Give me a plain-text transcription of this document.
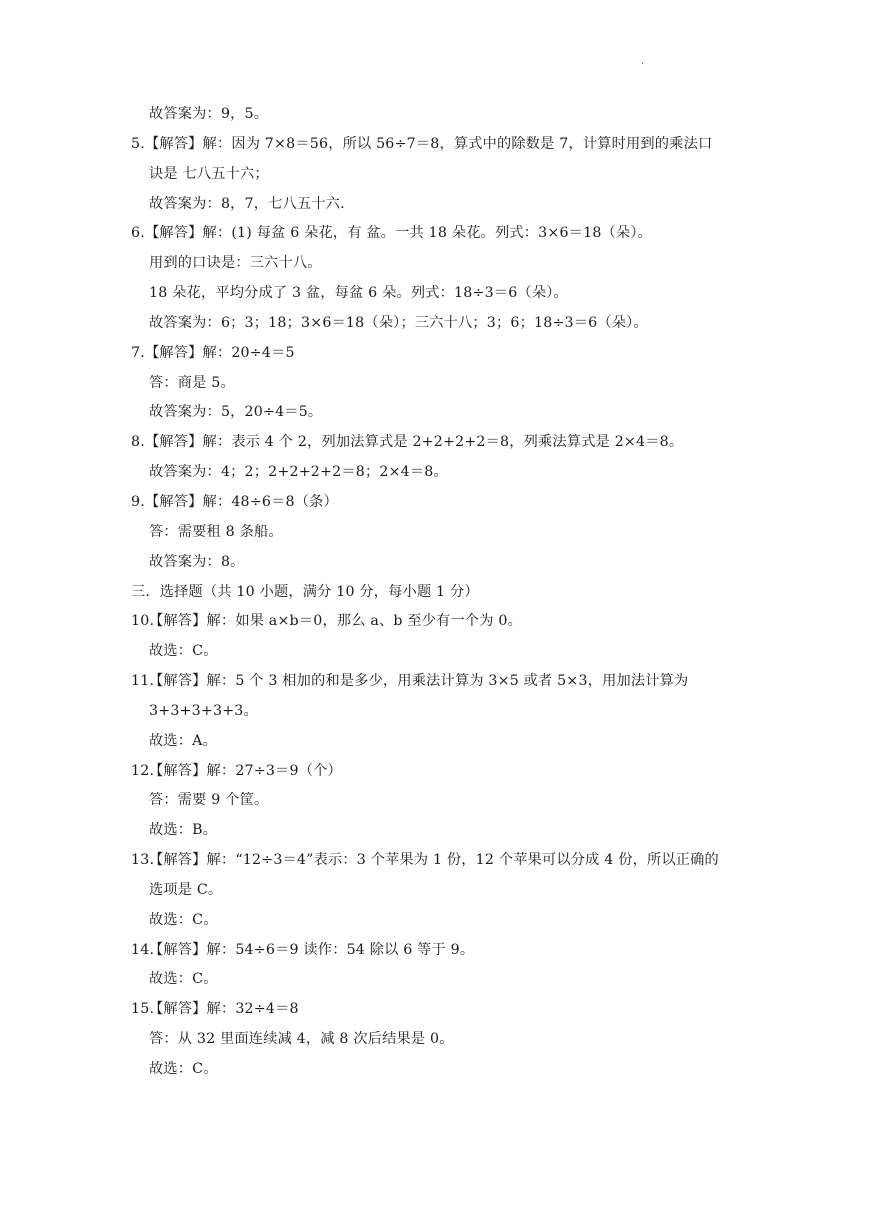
.
故答案为：9，5。
5. 【解答】解：因为 7×8＝56，所以 56÷7＝8，算式中的除数是 7，计算时用到的乘法口
诀是 七八五十六；
故答案为：8，7，七八五十六.
6. 【解答】解：(1) 每盆 6 朵花，有 盆。一共 18 朵花。列式：3×6＝18（朵）。
用到的口诀是：三六十八。
18 朵花，平均分成了 3 盆，每盆 6 朵。列式：18÷3＝6（朵）。
故答案为：6；3；18；3×6＝18（朵）；三六十八；3；6；18÷3＝6（朵）。
7. 【解答】解：20÷4＝5
答：商是 5。
故答案为：5，20÷4＝5。
8. 【解答】解：表示 4 个 2，列加法算式是 2+2+2+2＝8，列乘法算式是 2×4＝8。
故答案为：4；2；2+2+2+2＝8；2×4＝8。
9. 【解答】解：48÷6＝8（条）
答：需要租 8 条船。
故答案为：8。
三．选择题（共 10 小题，满分 10 分，每小题 1 分）
10.
【解答】解：如果 a×b＝0，那么 a、b 至少有一个为 0。
故选：C。
11.
【解答】解：5 个 3 相加的和是多少，用乘法计算为 3×5 或者 5×3，用加法计算为
3+3+3+3+3。
故选：A。
12.
【解答】解：27÷3＝9（个）
答：需要 9 个筐。
故选：B。
13.
【解答】解：“12÷3＝4”表示：3 个苹果为 1 份，12 个苹果可以分成 4 份，所以正确的
选项是 C。
故选：C。
14.
【解答】解：54÷6＝9 读作：54 除以 6 等于 9。
故选：C。
15.
【解答】解：32÷4＝8
答：从 32 里面连续减 4，减 8 次后结果是 0。
故选：C。
